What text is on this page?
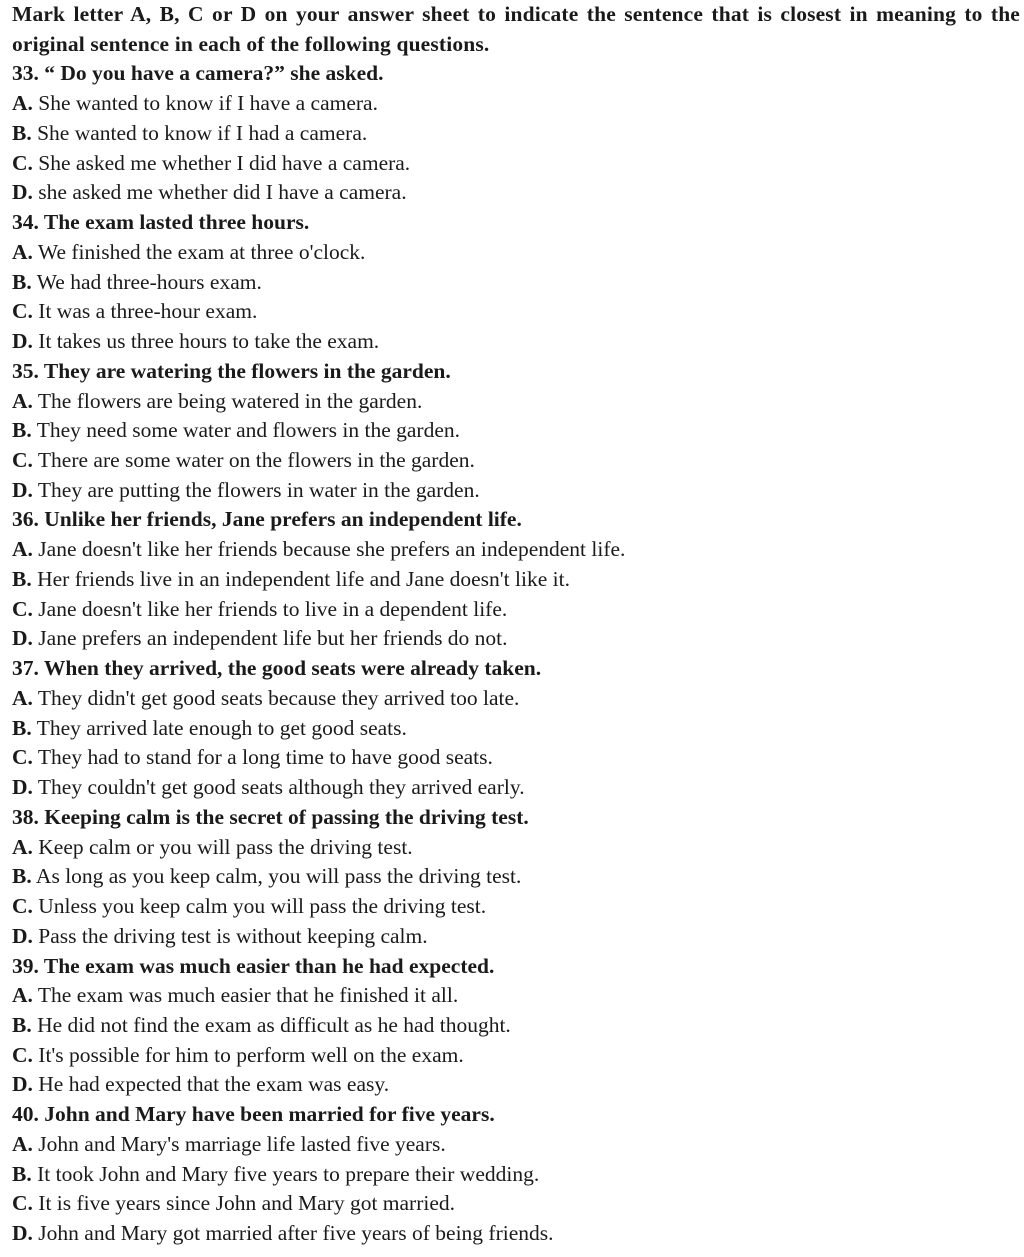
Mark letter A, B, C or D on your answer sheet to indicate the sentence that is closest in meaning to the original sentence in each of the following questions.

33. “ Do you have a camera?” she asked.

A. She wanted to know if I have a camera.

B. She wanted to know if I had a camera.

C. She asked me whether I did have a camera.

D. she asked me whether did I have a camera.

34. The exam lasted three hours.

A. We finished the exam at three o'clock.

B. We had three-hours exam.

C. It was a three-hour exam.

D. It takes us three hours to take the exam.

35. They are watering the flowers in the garden.

A. The flowers are being watered in the garden.

B. They need some water and flowers in the garden.

C. There are some water on the flowers in the garden.

D. They are putting the flowers in water in the garden.

36. Unlike her friends, Jane prefers an independent life.

A. Jane doesn't like her friends because she prefers an independent life.

B. Her friends live in an independent life and Jane doesn't like it.

C. Jane doesn't like her friends to live in a dependent life.

D. Jane prefers an independent life but her friends do not.

37. When they arrived, the good seats were already taken.

A. They didn't get good seats because they arrived too late.

B. They arrived late enough to get good seats.

C. They had to stand for a long time to have good seats.

D. They couldn't get good seats although they arrived early.

38. Keeping calm is the secret of passing the driving test.

A. Keep calm or you will pass the driving test.

B. As long as you keep calm, you will pass the driving test.

C. Unless you keep calm you will pass the driving test.

D. Pass the driving test is without keeping calm.

39. The exam was much easier than he had expected.

A. The exam was much easier that he finished it all.

B. He did not find the exam as difficult as he had thought.

C. It's possible for him to perform well on the exam.

D. He had expected that the exam was easy.

40. John and Mary have been married for five years.

A. John and Mary's marriage life lasted five years.

B. It took John and Mary five years to prepare their wedding.

C. It is five years since John and Mary got married.

D. John and Mary got married after five years of being friends.
